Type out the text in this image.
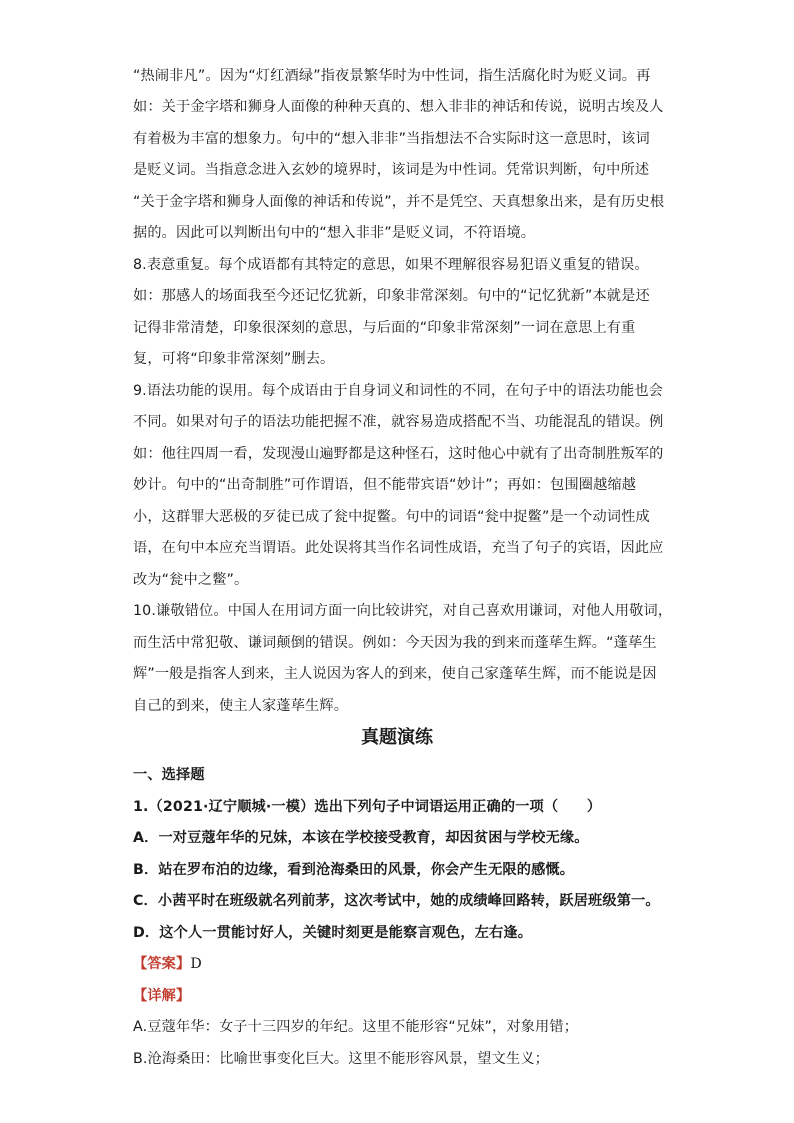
“热闹非凡”。因为“灯红酒绿”指夜景繁华时为中性词，指生活腐化时为贬义词。再

如：关于金字塔和狮身人面像的种种天真的、想入非非的神话和传说，说明古埃及人

有着极为丰富的想象力。句中的“想入非非”当指想法不合实际时这一意思时，该词

是贬义词。当指意念进入玄妙的境界时，该词是为中性词。凭常识判断，句中所述

“关于金字塔和狮身人面像的神话和传说”，并不是凭空、天真想象出来，是有历史根

据的。因此可以判断出句中的“想入非非”是贬义词，不符语境。

8.表意重复。每个成语都有其特定的意思，如果不理解很容易犯语义重复的错误。

如：那感人的场面我至今还记忆犹新，印象非常深刻。句中的“记忆犹新”本就是还

记得非常清楚，印象很深刻的意思，与后面的“印象非常深刻”一词在意思上有重

复，可将“印象非常深刻”删去。

9.语法功能的误用。每个成语由于自身词义和词性的不同，在句子中的语法功能也会

不同。如果对句子的语法功能把握不准，就容易造成搭配不当、功能混乱的错误。例

如：他往四周一看，发现漫山遍野都是这种怪石，这时他心中就有了出奇制胜叛军的

妙计。句中的“出奇制胜”可作谓语，但不能带宾语“妙计”；再如：包围圈越缩越

小，这群罪大恶极的歹徒已成了瓮中捉鳖。句中的词语“瓮中捉鳖”是一个动词性成

语，在句中本应充当谓语。此处误将其当作名词性成语，充当了句子的宾语，因此应

改为“瓮中之鳖”。

10.谦敬错位。中国人在用词方面一向比较讲究，对自己喜欢用谦词，对他人用敬词，

而生活中常犯敬、谦词颠倒的错误。例如：今天因为我的到来而蓬荜生辉。“蓬荜生

辉”一般是指客人到来，主人说因为客人的到来，使自己家蓬荜生辉，而不能说是因

自己的到来，使主人家蓬荜生辉。

真题演练

一、选择题

1.（2021·辽宁顺城·一模）选出下列句子中词语运用正确的一项（　　）

A．一对豆蔻年华的兄妹，本该在学校接受教育，却因贫困与学校无缘。

B．站在罗布泊的边缘，看到沧海桑田的风景，你会产生无限的感慨。

C．小茜平时在班级就名列前茅，这次考试中，她的成绩峰回路转，跃居班级第一。

D．这个人一贯能讨好人，关键时刻更是能察言观色，左右逢。

【答案】D

【详解】

A.豆蔻年华：女子十三四岁的年纪。这里不能形容“兄妹”，对象用错；

B.沧海桑田：比喻世事变化巨大。这里不能形容风景，望文生义；
